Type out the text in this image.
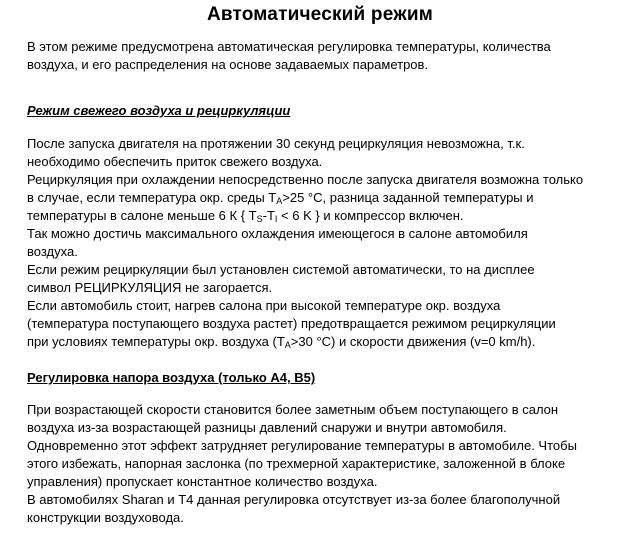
Автоматический режим
В этом режиме предусмотрена автоматическая регулировка температуры, количества
воздуха, и его распределения на основе задаваемых параметров.
Режим свежего воздуха и рециркуляции
После запуска двигателя на протяжении 30 секунд рециркуляция невозможна, т.к.
необходимо обеспечить приток свежего воздуха.
Рециркуляция при охлаждении непосредственно после запуска двигателя возможна только
в случае, если температура окр. среды $T_A>25$ °C, разница заданной температуры и
температуры в салоне меньше 6 К { $T_S-T_I < 6$ K } и компрессор включен.
Так можно достичь максимального охлаждения имеющегося в салоне автомобиля
воздуха.
Если режим рециркуляции был установлен системой автоматически, то на дисплее
символ РЕЦИРКУЛЯЦИЯ не загорается.
Если автомобиль стоит, нагрев салона при высокой температуре окр. воздуха
(температура поступающего воздуха растет) предотвращается режимом рециркуляции
при условиях температуры окр. воздуха ($T_A>30$ °C) и скорости движения (v=0 km/h).
Регулировка напора воздуха (только А4, В5)
При возрастающей скорости становится более заметным объем поступающего в салон
воздуха из-за возрастающей разницы давлений снаружи и внутри автомобиля.
Одновременно этот эффект затрудняет регулирование температуры в автомобиле. Чтобы
этого избежать, напорная заслонка (по трехмерной характеристике, заложенной в блоке
управления) пропускает константное количество воздуха.
В автомобилях Sharan и T4 данная регулировка отсутствует из-за более благополучной
конструкции воздуховода.
